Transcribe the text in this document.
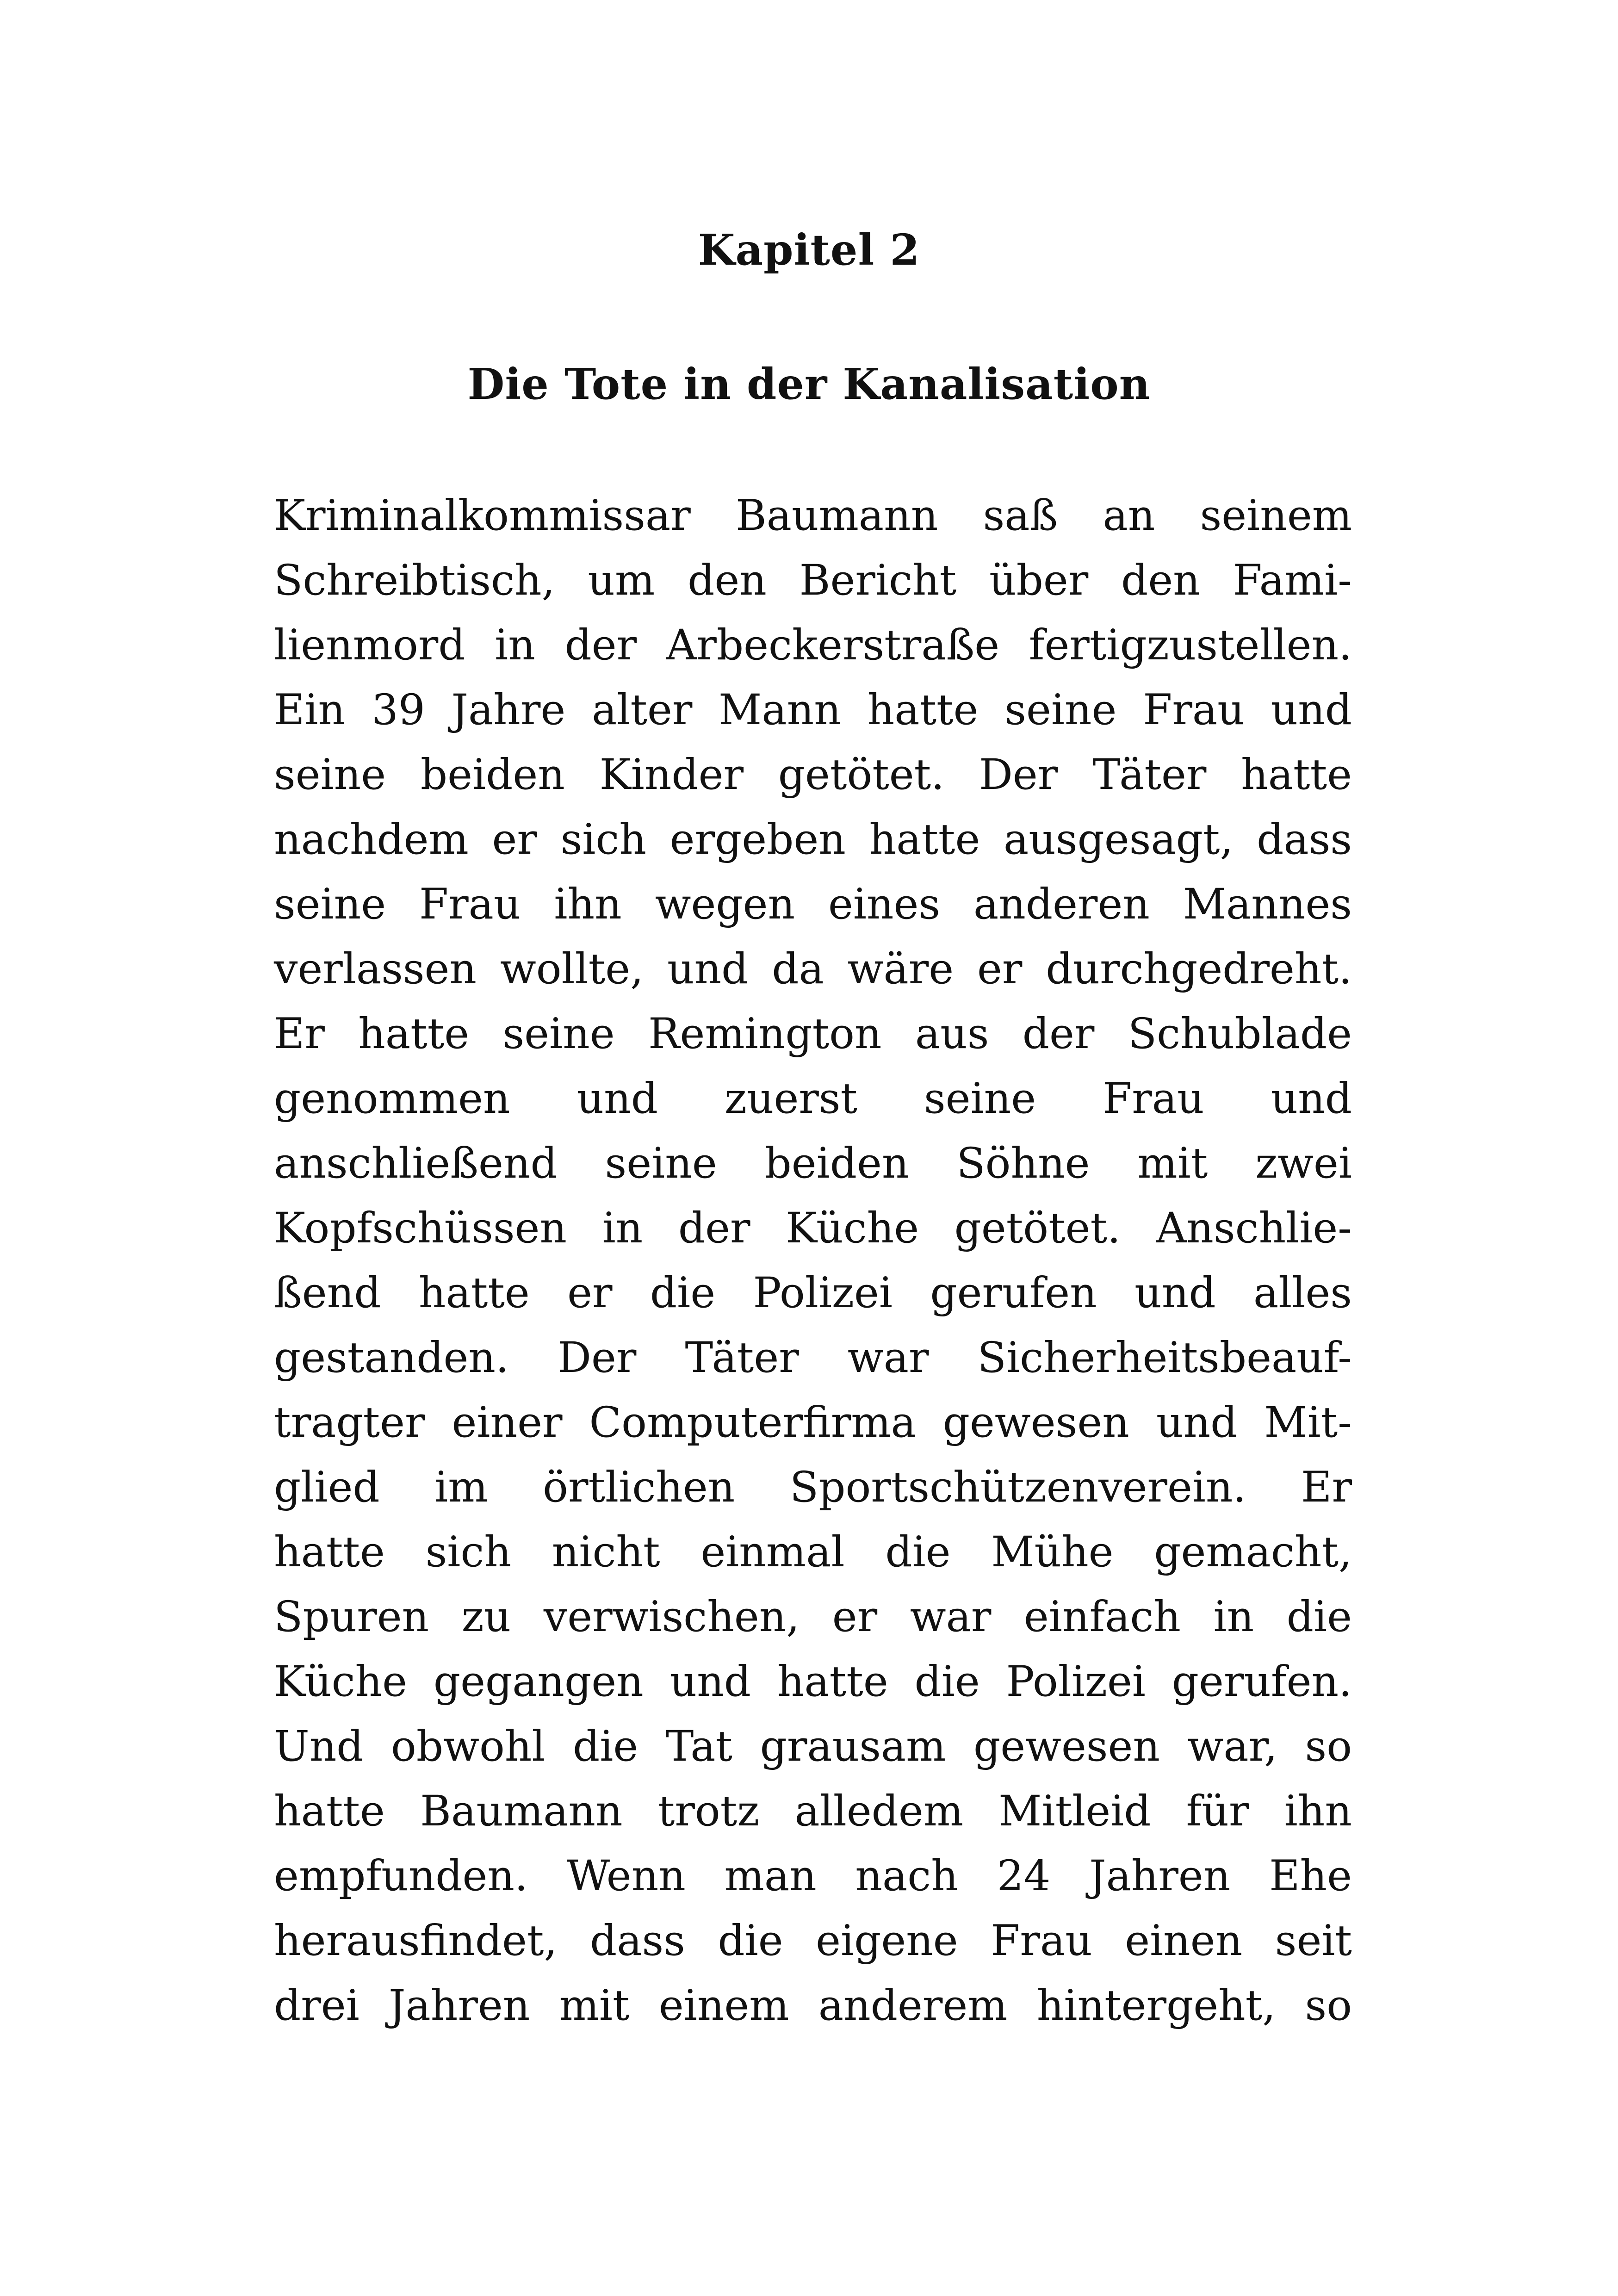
Kapitel 2
Die Tote in der Kanalisation
Kriminalkommissar Baumann saß an seinem
Schreibtisch, um den Bericht über den Fami-
lienmord in der Arbeckerstraße fertigzustellen.
Ein 39 Jahre alter Mann hatte seine Frau und
seine beiden Kinder getötet. Der Täter hatte
nachdem er sich ergeben hatte ausgesagt, dass
seine Frau ihn wegen eines anderen Mannes
verlassen wollte, und da wäre er durchgedreht.
Er hatte seine Remington aus der Schublade
genommen und zuerst seine Frau und
anschließend seine beiden Söhne mit zwei
Kopfschüssen in der Küche getötet. Anschlie-
ßend hatte er die Polizei gerufen und alles
gestanden. Der Täter war Sicherheitsbeauf-
tragter einer Computerfirma gewesen und Mit-
glied im örtlichen Sportschützenverein. Er
hatte sich nicht einmal die Mühe gemacht,
Spuren zu verwischen, er war einfach in die
Küche gegangen und hatte die Polizei gerufen.
Und obwohl die Tat grausam gewesen war, so
hatte Baumann trotz alledem Mitleid für ihn
empfunden. Wenn man nach 24 Jahren Ehe
herausfindet, dass die eigene Frau einen seit
drei Jahren mit einem anderem hintergeht, so
